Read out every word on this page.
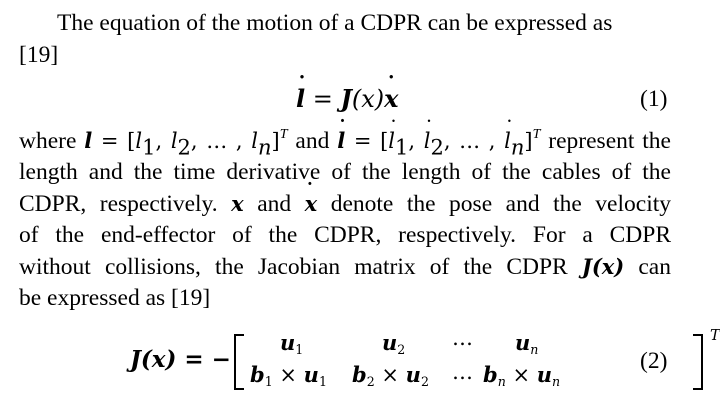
The equation of the motion of a CDPR can be expressed as
[19]
l ˙ = J(x)x ˙	(1)
where $l = [l_1$, $l_2$, … , $l_n]^T$ and l ˙ = [l $˙_1$, l $˙_2$, … , l $˙_n]^T$ represent the
length and the time derivative of the length of the cables of the
CDPR, respectively. x and x ˙ denote the pose and the velocity
of the end-effector of the CDPR, respectively. For a CDPR
without collisions, the Jacobian matrix of the CDPR J(x) can
be expressed as [19]
J(x) = −
$u_1$	$u_2$ … $u_n$
$b_1 \times u_1$ $b_2 \times u_2$ … $b_n \times u_n$
T
(2)
